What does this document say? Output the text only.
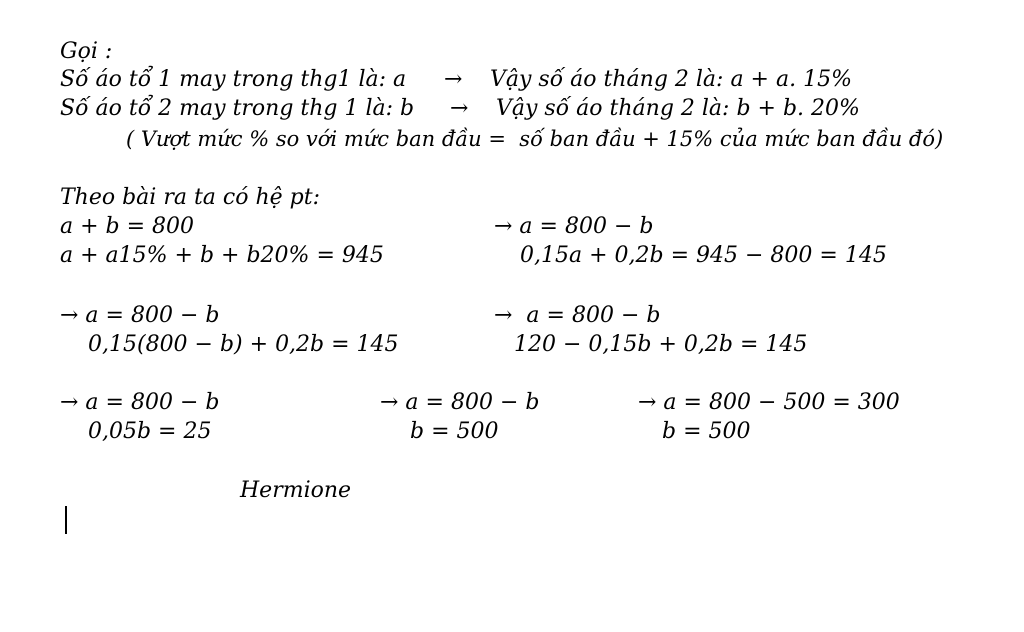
Gọi :
Số áo tổ 1 may trong thg1 là: a → Vậy số áo tháng 2 là: a + a. 15%
Số áo tổ 2 may trong thg 1 là: b → Vậy số áo tháng 2 là: b + b. 20%
( Vượt mức % so với mức ban đầu =  số ban đầu + 15% của mức ban đầu đó)
Theo bài ra ta có hệ pt:
a + b = 800
a + a15% + b + b20% = 945
→ a = 800 − b
0,15a + 0,2b = 945 − 800 = 145
→ a = 800 − b
0,15(800 − b) + 0,2b = 145
→  a = 800 − b
120 − 0,15b + 0,2b = 145
→ a = 800 − b
0,05b = 25
→ a = 800 − b
b = 500
→ a = 800 − 500 = 300
b = 500
Hermione
